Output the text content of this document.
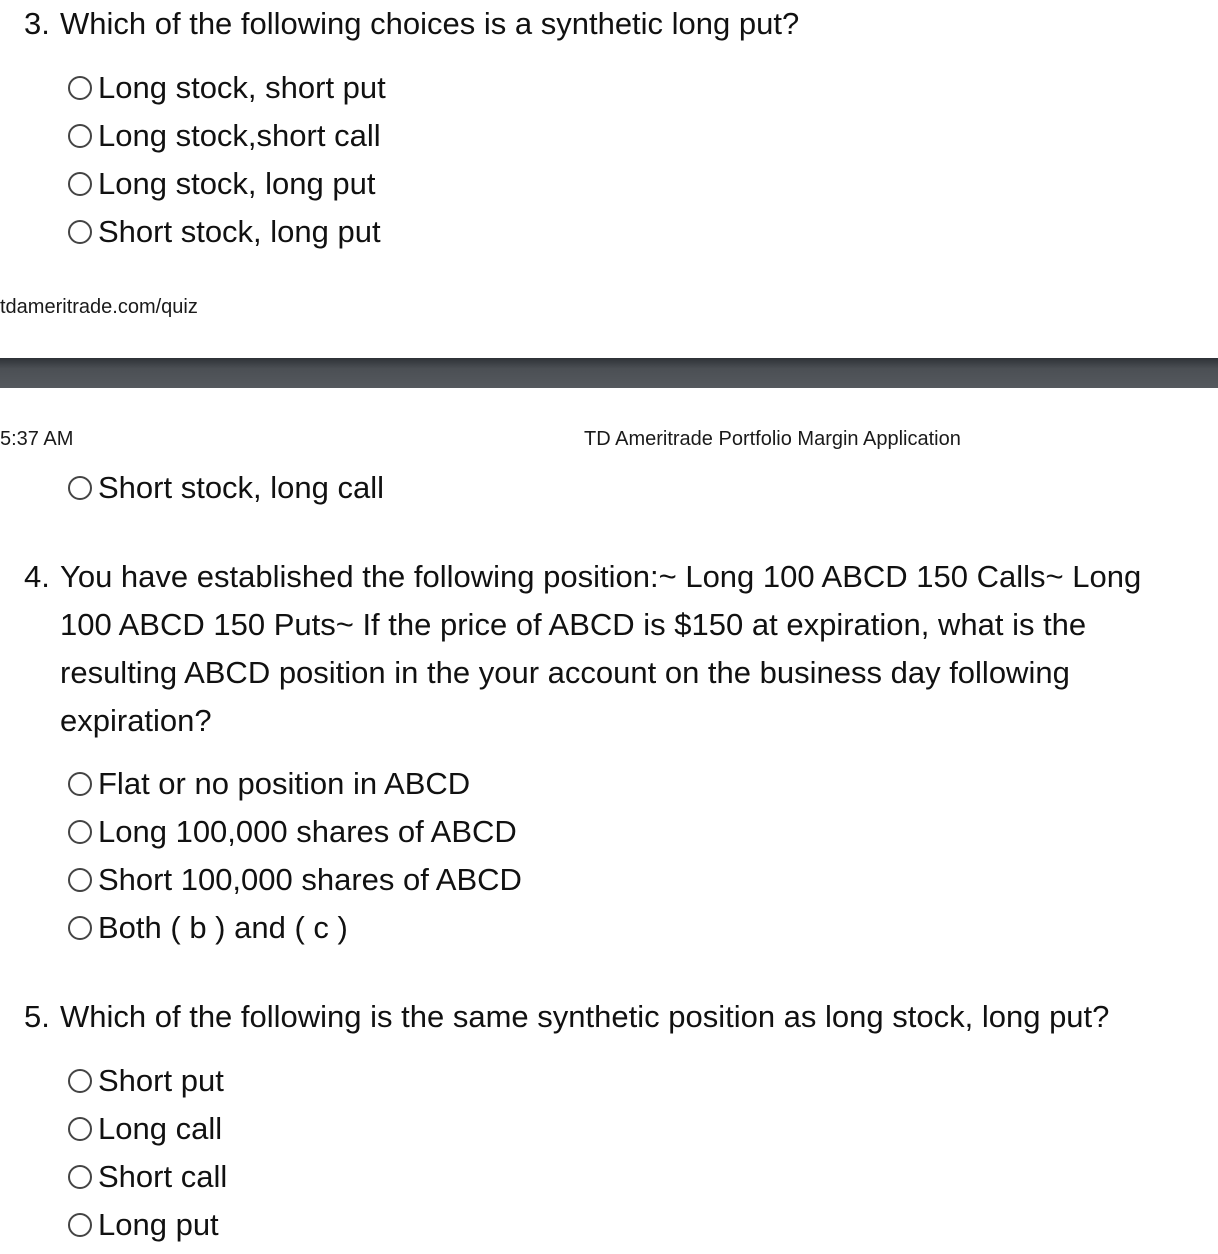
3. Which of the following choices is a synthetic long put?
Long stock, short put
Long stock,short call
Long stock, long put
Short stock, long put
tdameritrade.com/quiz
5:37 AM	TD Ameritrade Portfolio Margin Application
Short stock, long call
4. You have established the following position:~ Long 100 ABCD 150 Calls~ Long 100 ABCD 150 Puts~ If the price of ABCD is $150 at expiration, what is the resulting ABCD position in the your account on the business day following expiration?
Flat or no position in ABCD
Long 100,000 shares of ABCD
Short 100,000 shares of ABCD
Both ( b ) and ( c )
5. Which of the following is the same synthetic position as long stock, long put?
Short put
Long call
Short call
Long put
